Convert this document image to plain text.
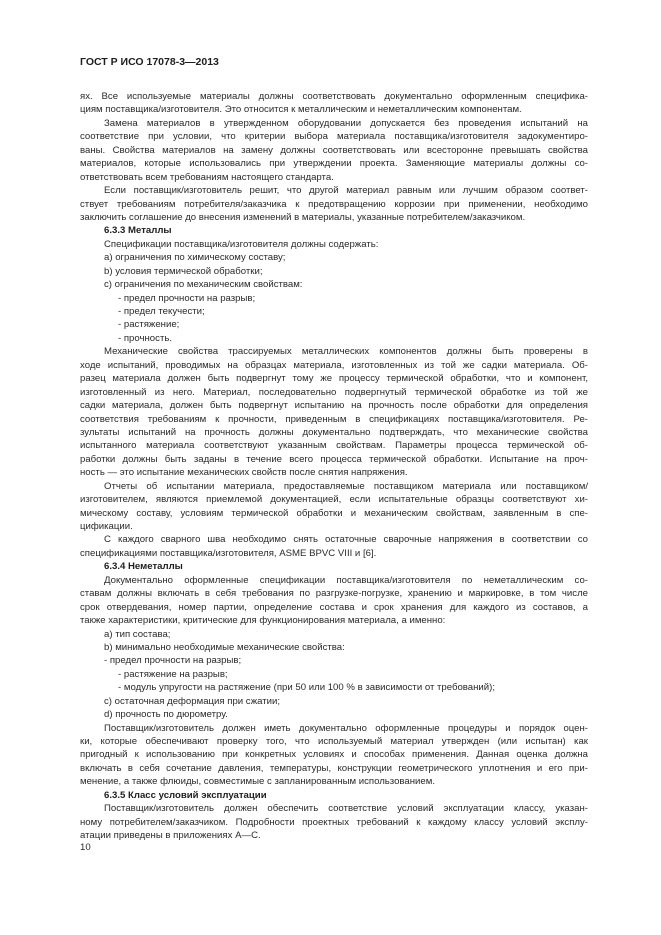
ГОСТ Р ИСО 17078-3—2013
ях. Все используемые материалы должны соответствовать документально оформленным специфика-
циям поставщика/изготовителя. Это относится к металлическим и неметаллическим компонентам.
Замена материалов в утвержденном оборудовании допускается без проведения испытаний на
соответствие при условии, что критерии выбора материала поставщика/изготовителя задокументиро-
ваны. Свойства материалов на замену должны соответствовать или всесторонне превышать свойства
материалов, которые использовались при утверждении проекта. Заменяющие материалы должны со-
ответствовать всем требованиям настоящего стандарта.
Если поставщик/изготовитель решит, что другой материал равным или лучшим образом соответ-
ствует требованиям потребителя/заказчика к предотвращению коррозии при применении, необходимо
заключить соглашение до внесения изменений в материалы, указанные потребителем/заказчиком.
6.3.3 Металлы
Спецификации поставщика/изготовителя должны содержать:
a) ограничения по химическому составу;
b) условия термической обработки;
c) ограничения по механическим свойствам:
- предел прочности на разрыв;
- предел текучести;
- растяжение;
- прочность.
Механические свойства трассируемых металлических компонентов должны быть проверены в
ходе испытаний, проводимых на образцах материала, изготовленных из той же садки материала. Об-
разец материала должен быть подвергнут тому же процессу термической обработки, что и компонент,
изготовленный из него. Материал, последовательно подвергнутый термической обработке из той же
садки материала, должен быть подвергнут испытанию на прочность после обработки для определения
соответствия требованиям к прочности, приведенным в спецификациях поставщика/изготовителя. Ре-
зультаты испытаний на прочность должны документально подтверждать, что механические свойства
испытанного материала соответствуют указанным свойствам. Параметры процесса термической об-
работки должны быть заданы в течение всего процесса термической обработки. Испытание на проч-
ность — это испытание механических свойств после снятия напряжения.
Отчеты об испытании материала, предоставляемые поставщиком материала или поставщиком/
изготовителем, являются приемлемой документацией, если испытательные образцы соответствуют хи-
мическому составу, условиям термической обработки и механическим свойствам, заявленным в спе-
цификации.
С каждого сварного шва необходимо снять остаточные сварочные напряжения в соответствии со
спецификациями поставщика/изготовителя, ASME BPVC VIII и [6].
6.3.4 Неметаллы
Документально оформленные спецификации поставщика/изготовителя по неметаллическим со-
ставам должны включать в себя требования по разгрузке-погрузке, хранению и маркировке, в том числе
срок отвердевания, номер партии, определение состава и срок хранения для каждого из составов, а
также характеристики, критические для функционирования материала, а именно:
a) тип состава;
b) минимально необходимые механические свойства:
- предел прочности на разрыв;
- растяжение на разрыв;
- модуль упругости на растяжение (при 50 или 100 % в зависимости от требований);
c) остаточная деформация при сжатии;
d) прочность по дюрометру.
Поставщик/изготовитель должен иметь документально оформленные процедуры и порядок оцен-
ки, которые обеспечивают проверку того, что используемый материал утвержден (или испытан) как
пригодный к использованию при конкретных условиях и способах применения. Данная оценка должна
включать в себя сочетание давления, температуры, конструкции геометрического уплотнения и его при-
менение, а также флюиды, совместимые с запланированным использованием.
6.3.5 Класс условий эксплуатации
Поставщик/изготовитель должен обеспечить соответствие условий эксплуатации классу, указан-
ному потребителем/заказчиком. Подробности проектных требований к каждому классу условий эксплу-
атации приведены в приложениях А—С.
10
